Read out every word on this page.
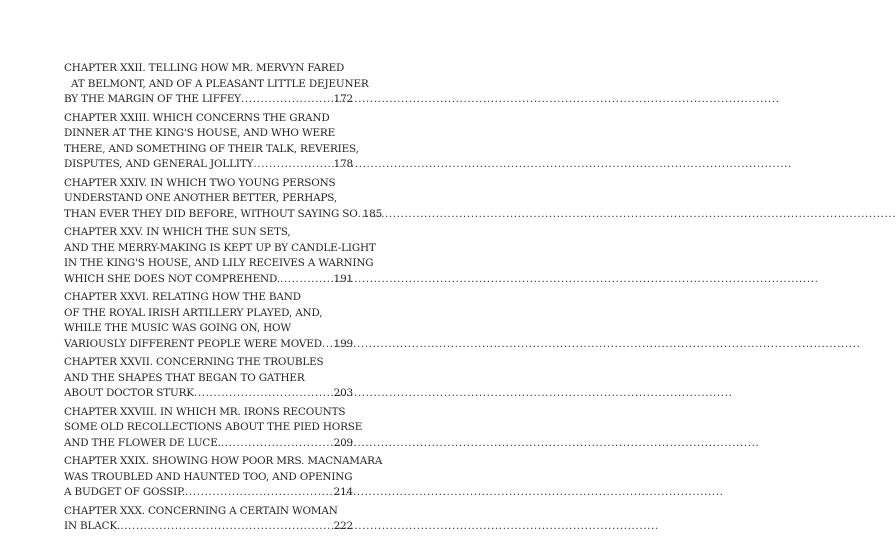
CHAPTER XXII. TELLING HOW MR. MERVYN FARED
AT BELMONT, AND OF A PLEASANT LITTLE DEJEUNER
BY THE MARGIN OF THE LIFFEY .....	172
CHAPTER XXIII. WHICH CONCERNS THE GRAND
DINNER AT THE KING'S HOUSE, AND WHO WERE
THERE, AND SOMETHING OF THEIR TALK, REVERIES,
DISPUTES, AND GENERAL JOLLITY .....	178
CHAPTER XXIV. IN WHICH TWO YOUNG PERSONS
UNDERSTAND ONE ANOTHER BETTER, PERHAPS,
THAN EVER THEY DID BEFORE, WITHOUT SAYING SO ..... 185
CHAPTER XXV. IN WHICH THE SUN SETS,
AND THE MERRY-MAKING IS KEPT UP BY CANDLE-LIGHT
IN THE KING'S HOUSE, AND LILY RECEIVES A WARNING
WHICH SHE DOES NOT COMPREHEND. .....	191
CHAPTER XXVI. RELATING HOW THE BAND
OF THE ROYAL IRISH ARTILLERY PLAYED, AND,
WHILE THE MUSIC WAS GOING ON, HOW
VARIOUSLY DIFFERENT PEOPLE WERE MOVED ..... 199
CHAPTER XXVII. CONCERNING THE TROUBLES
AND THE SHAPES THAT BEGAN TO GATHER
ABOUT DOCTOR STURK .....	203
CHAPTER XXVIII. IN WHICH MR. IRONS RECOUNTS
SOME OLD RECOLLECTIONS ABOUT THE PIED HORSE
AND THE FLOWER DE LUCE. .....	209
CHAPTER XXIX. SHOWING HOW POOR MRS. MACNAMARA
WAS TROUBLED AND HAUNTED TOO, AND OPENING
A BUDGET OF GOSSIP. .....	214
CHAPTER XXX. CONCERNING A CERTAIN WOMAN
IN BLACK. .....	222
